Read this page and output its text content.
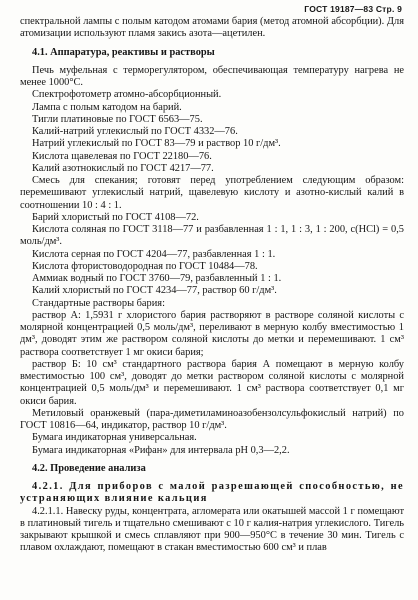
ГОСТ 19187—83 Стр. 9

спектральной лампы с полым катодом атомами бария (метод атомной абсорбции). Для атомизации используют пламя закись азота—ацетилен.

4.1. Аппаратура, реактивы и растворы

Печь муфельная с терморегулятором, обеспечивающая температуру нагрева не менее 1000°С.

Спектрофотометр атомно-абсорбционный.

Лампа с полым катодом на барий.

Тигли платиновые по ГОСТ 6563—75.

Калий-натрий углекислый по ГОСТ 4332—76.

Натрий углекислый по ГОСТ 83—79 и раствор 10 г/дм³.

Кислота щавелевая по ГОСТ 22180—76.

Калий азотнокислый по ГОСТ 4217—77.

Смесь для спекания; готовят перед употреблением следующим образом: перемешивают углекислый натрий, щавелевую кислоту и азотно-кислый калий в соотношении 10 : 4 : 1.

Барий хлористый по ГОСТ 4108—72.

Кислота соляная по ГОСТ 3118—77 и разбавленная 1 : 1, 1 : 3, 1 : 200, с(HCl) = 0,5 моль/дм³.

Кислота серная по ГОСТ 4204—77, разбавленная 1 : 1.

Кислота фтористоводородная по ГОСТ 10484—78.

Аммиак водный по ГОСТ 3760—79, разбавленный 1 : 1.

Калий хлористый по ГОСТ 4234—77, раствор 60 г/дм³.

Стандартные растворы бария:

раствор А: 1,5931 г хлористого бария растворяют в растворе соляной кислоты с молярной концентрацией 0,5 моль/дм³, переливают в мерную колбу вместимостью 1 дм³, доводят этим же раствором соляной кислоты до метки и перемешивают. 1 см³ раствора соответствует 1 мг окиси бария;

раствор Б: 10 см³ стандартного раствора бария А помещают в мерную колбу вместимостью 100 см³, доводят до метки раствором соляной кислоты с молярной концентрацией 0,5 моль/дм³ и перемешивают. 1 см³ раствора соответствует 0,1 мг окиси бария.

Метиловый оранжевый (пара-диметиламиноазобензолсульфокислый натрий) по ГОСТ 10816—64, индикатор, раствор 10 г/дм³.

Бумага индикаторная универсальная.

Бумага индикаторная «Рифан» для интервала рН 0,3—2,2.

4.2. Проведение анализа

4.2.1. Для приборов с малой разрешающей способностью, не устраняющих влияние кальция

4.2.1.1. Навеску руды, концентрата, агломерата или окатышей массой 1 г помещают в платиновый тигель и тщательно смешивают с 10 г калия-натрия углекислого. Тигель закрывают крышкой и смесь сплавляют при 900—950°С в течение 30 мин. Тигель с плавом охлаждают, помещают в стакан вместимостью 600 см³ и плав
